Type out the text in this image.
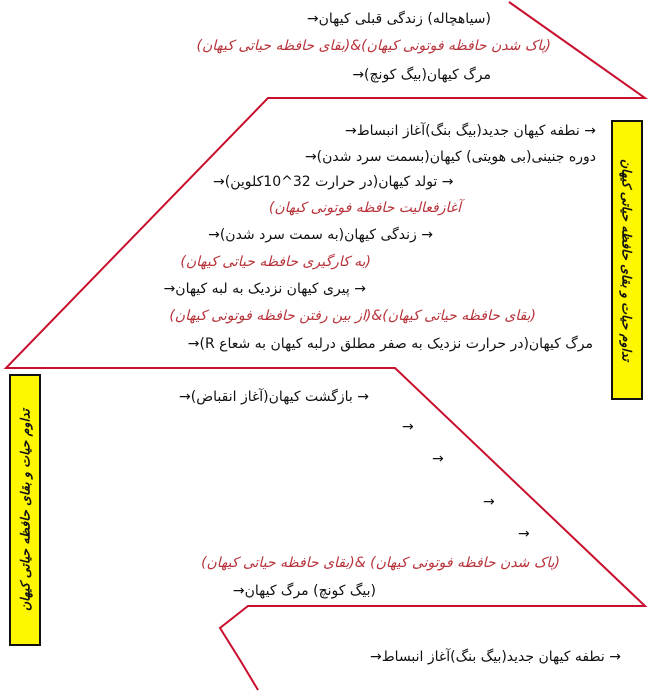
(سیاهچاله) زندگی قبلی کیهان→
(پاک شدن حافظه فوتونی کیهان)&(بقای حافظه حیاتی کیهان)
مرگ کیهان(بیگ کونچ)→
→ نطفه کیهان جدید(بیگ بنگ)آغاز انبساط→
دوره جنینی(بی هویتی) کیهان(بسمت سرد شدن)→
→ تولد کیهان(در حرارت 32^10کلوین)→
آغازفعالیت حافظه فوتونی کیهان)
→ زندگی کیهان(به سمت سرد شدن)→
(به کارگیری حافظه حیاتی کیهان)
→ پیری کیهان نزدیک به لبه کیهان→
(بقای حافظه حیاتی کیهان)&(از بین رفتن حافظه فوتونی کیهان)
مرگ کیهان(در حرارت نزدیک به صفر مطلق درلبه کیهان به شعاع R)→
→ بازگشت کیهان(آغاز انقباض)→
→
→
→
→
(پاک شدن حافظه فوتونی کیهان) &(بقای حافظه حیاتی کیهان)
(بیگ کونچ) مرگ کیهان→
→ نطفه کیهان جدید(بیگ بنگ)آغاز انبساط→
تداوم حیات و بقای حافظه حیاتی کیهان
تداوم حیات و بقای حافظه حیاتی کیهان
